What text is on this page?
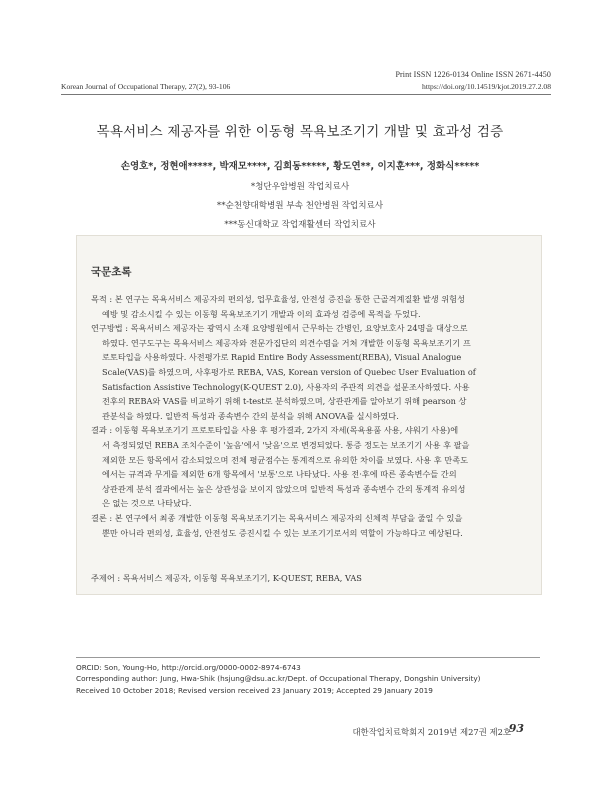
Print ISSN 1226-0134 Online ISSN 2671-4450
Korean Journal of Occupational Therapy, 27(2), 93-106	https://doi.org/10.14519/kjot.2019.27.2.08
목욕서비스 제공자를 위한 이동형 목욕보조기기 개발 및 효과성 검증
손영호*, 정현애*****, 박재모****, 김희동*****, 황도연**, 이지훈***, 정화식*****
*청단우암병원 작업치료사
**순천향대학병원 부속 천안병원 작업치료사
***동신대학교 작업재활센터 작업치료사
국문초록
목적 : 본 연구는 목욕서비스 제공자의 편의성, 업무효율성, 안전성 증진을 통한 근골격계질환 발생 위험성
예방 및 감소시킬 수 있는 이동형 목욕보조기기 개발과 이의 효과성 검증에 목적을 두었다.
연구방법 : 목욕서비스 제공자는 광역시 소재 요양병원에서 근무하는 간병인, 요양보호사 24명을 대상으로
하였다. 연구도구는 목욕서비스 제공자와 전문가집단의 의견수렴을 거쳐 개발한 이동형 목욕보조기기 프
로토타입을 사용하였다. 사전평가로 Rapid Entire Body Assessment(REBA), Visual Analogue
Scale(VAS)를 하였으며, 사후평가로 REBA, VAS, Korean version of Quebec User Evaluation of
Satisfaction Assistive Technology(K-QUEST 2.0), 사용자의 주관적 의견을 설문조사하였다. 사용
전후의 REBA와 VAS를 비교하기 위해 t-test로 분석하였으며, 상관관계를 알아보기 위해 pearson 상
관분석을 하였다. 일반적 특성과 종속변수 간의 분석을 위해 ANOVA를 실시하였다.
결과 : 이동형 목욕보조기기 프로토타입을 사용 후 평가결과, 2가지 자세(목욕용품 사용, 샤워기 사용)에
서 측정되었던 REBA 조치수준이 '높음'에서 '낮음'으로 변경되었다. 통증 정도는 보조기기 사용 후 팔을
제외한 모든 항목에서 감소되었으며 전체 평균점수는 통계적으로 유의한 차이를 보였다. 사용 후 만족도
에서는 규격과 무게를 제외한 6개 항목에서 '보통'으로 나타났다. 사용 전·후에 따른 종속변수들 간의
상관관계 분석 결과에서는 높은 상관성을 보이지 않았으며 일반적 특성과 종속변수 간의 통계적 유의성
은 없는 것으로 나타났다.
결론 : 본 연구에서 최종 개발한 이동형 목욕보조기기는 목욕서비스 제공자의 신체적 부담을 줄일 수 있을
뿐만 아니라 편의성, 효율성, 안전성도 증진시킬 수 있는 보조기기로서의 역할이 가능하다고 예상된다.
주제어 : 목욕서비스 제공자, 이동형 목욕보조기기, K-QUEST, REBA, VAS
ORCID: Son, Young-Ho, http://orcid.org/0000-0002-8974-6743
Corresponding author: Jung, Hwa-Shik (hsjung@dsu.ac.kr/Dept. of Occupational Therapy, Dongshin University)
Received 10 October 2018; Revised version received 23 January 2019; Accepted 29 January 2019
대한작업치료학회지 2019년 제27권 제2호
93
